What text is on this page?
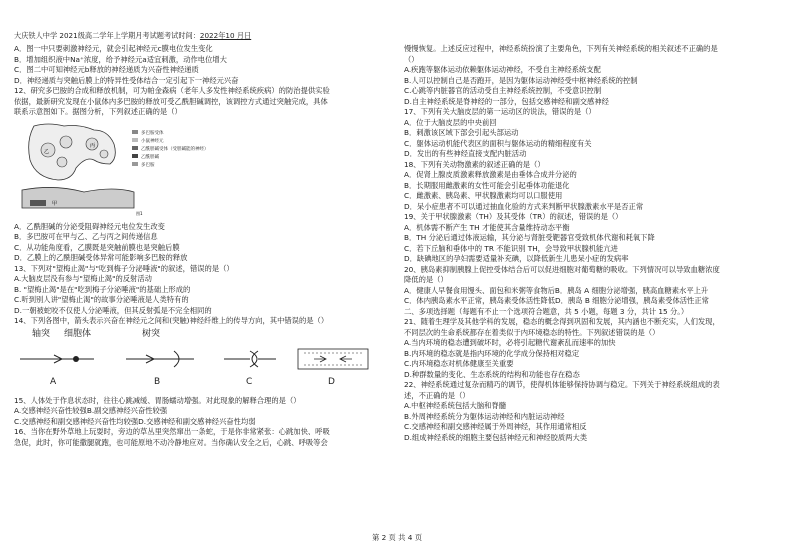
大庆铁人中学 2021级高二学年上学期月考试题考试时间：2022年10 月日
A．图一中只要刺激神经元，就会引起神经元c膜电位发生变化
B．增加组织液中Na⁺浓度，给予神经元a适宜刺激，动作电位增大
C．图二中可知神经元b释放的神经递质为兴奋性神经递质
D．神经递质与突触后膜上的特异性受体结合一定引起下一神经元兴奋
12、研究多巴胺的合成和释放机制，可为帕金森病（老年人多发性神经系统疾病）的防治提供实验
依据，最新研究发现在小鼠体内多巴胺的释放可受乙酰胆碱调控，该调控方式通过突触完成，具体
联系示意图如下。据图分析，下列叙述正确的是（）
乙
丙
甲
图1
多巴胺受体
小鼠神经元
乙酰胆碱受体（受胆碱能的神经）
乙酰胆碱
多巴胺
A．乙酰胆碱的分泌受阻碍神经元电位发生改变
B．多巴胺可在甲与乙、乙与丙之间传递信息
C．从功能角度看，乙膜既是突触前膜也是突触后膜
D．乙膜上的乙酰胆碱受体异常可能影响多巴胺的释放
13、下列对"望梅止渴"与"吃到梅子分泌唾液"的叙述，错误的是（）
A.大脑皮层没有参与"望梅止渴"的反射活动
B. "望梅止渴"是在"吃到梅子分泌唾液"的基础上形成的
C.听到别人讲"望梅止渴"的故事分泌唾液是人类特有的
D.一朝被蛇咬不仅使人分泌唾液，但其反射弧是不完全相同的
14、下列各图中，箭头表示兴奋在神经元之间和(突触)神经纤维上的传导方向，其中错误的是（）
轴突 细胞体	树突
A	B	C	D
15、人体处于作息状态时，往往心跳减缓、胃肠蠕动增强。对此现象的解释合理的是（）
A.交感神经兴奋性较强B.副交感神经兴奋性较强
C.交感神经和副交感神经兴奋性均较强D.交感神经和副交感神经兴奋性均弱
16、当你在野外草地上玩耍时，旁边的草丛里突然窜出一条蛇，于是你非常紧张：心跳加快、呼吸
急促，此时，你可能撒腿就跑，也可能原地不动冷静地应对。当你确认安全之后，心跳、呼吸等会
慢慢恢复。上述反应过程中，神经系统扮演了主要角色，下列有关神经系统的相关叙述不正确的是
（）
A.疾跑等躯体运动依赖躯体运动神经，不受自主神经系统支配
B.人可以控制自己是否跑开，是因为躯体运动神经受中枢神经系统的控制
C.心跳等内脏器官的活动受自主神经系统控制，不受意识控制
D.自主神经系统是脊神经的一部分，包括交感神经和副交感神经
17、下列有关大脑皮层的第一运动区的说法，错误的是（）
A．位于大脑皮层的中央前回
B．刺激该区域下部会引起头部运动
C．躯体运动机能代表区的面积与躯体运动的精细程度有关
D．发出的有些神经直接支配内脏活动
18、下列有关动物激素的叙述正确的是（）
A．促肾上腺皮质激素释放激素是由垂体合成并分泌的
B．长期服用雌激素的女性可能会引起垂体功能退化
C．雌激素、胰岛素、甲状腺激素均可以口服使用
D．呆小症患者不可以通过抽血化验的方式来判断甲状腺激素水平是否正常
19、关于甲状腺激素（TH）及其受体（TR）的叙述，错误的是（）
A．机体需不断产生 TH 才能使其含量维持动态平衡
B．TH 分泌后通过体液运输，其分泌与肾脏受靶器官受致机体代谢和耗氧下降
C．若下丘脑和垂体中的 TR 不能识别 TH，会导致甲状腺机能亢进
D．缺碘地区的孕妇需要适量补充碘，以降低新生儿患呆小症的发病率
20、胰岛素抑制胰腺上促控受体结合后可以促进细胞对葡萄糖的吸收。下列情况可以导致血糖浓度
降低的是（）
A．健康人早餐食用馒头、面包和米粥等食物后B．胰岛 A 细胞分泌增强，胰高血糖素水平上升
C．体内胰岛素水平正常，胰岛素受体活性降低D．胰岛 B 细胞分泌增强，胰岛素受体活性正常
二、多项选择题（每题有不止一个选项符合题意，共 5 小题，每题 3 分，共计 15 分。）
21、随着生理学及其他学科的发展，稳态的概念得到巩固和发展，其内涵也不断充实，人们发现，
不同层次的生命系统都存在着类似于内环境稳态的特性。下列叙述错误的是（）
A.当内环境的稳态遭到破坏时，必将引起糖代谢紊乱而速率的加快
B.内环境的稳态就是指内环境的化学成分保持相对稳定
C.内环境稳态对机体健康至关重要
D.种群数量的变化、生态系统的结构和功能也存在稳态
22、神经系统通过复杂而精巧的调节，使得机体能够保持协调与稳定。下列关于神经系统组成的表
述，不正确的是（）
A.中枢神经系统包括大脑和脊髓
B.外周神经系统分为躯体运动神经和内脏运动神经
C.交感神经和副交感神经属于外周神经，其作用通常相反
D.组成神经系统的细胞主要包括神经元和神经胶质两大类
第 2 页 共 4 页
